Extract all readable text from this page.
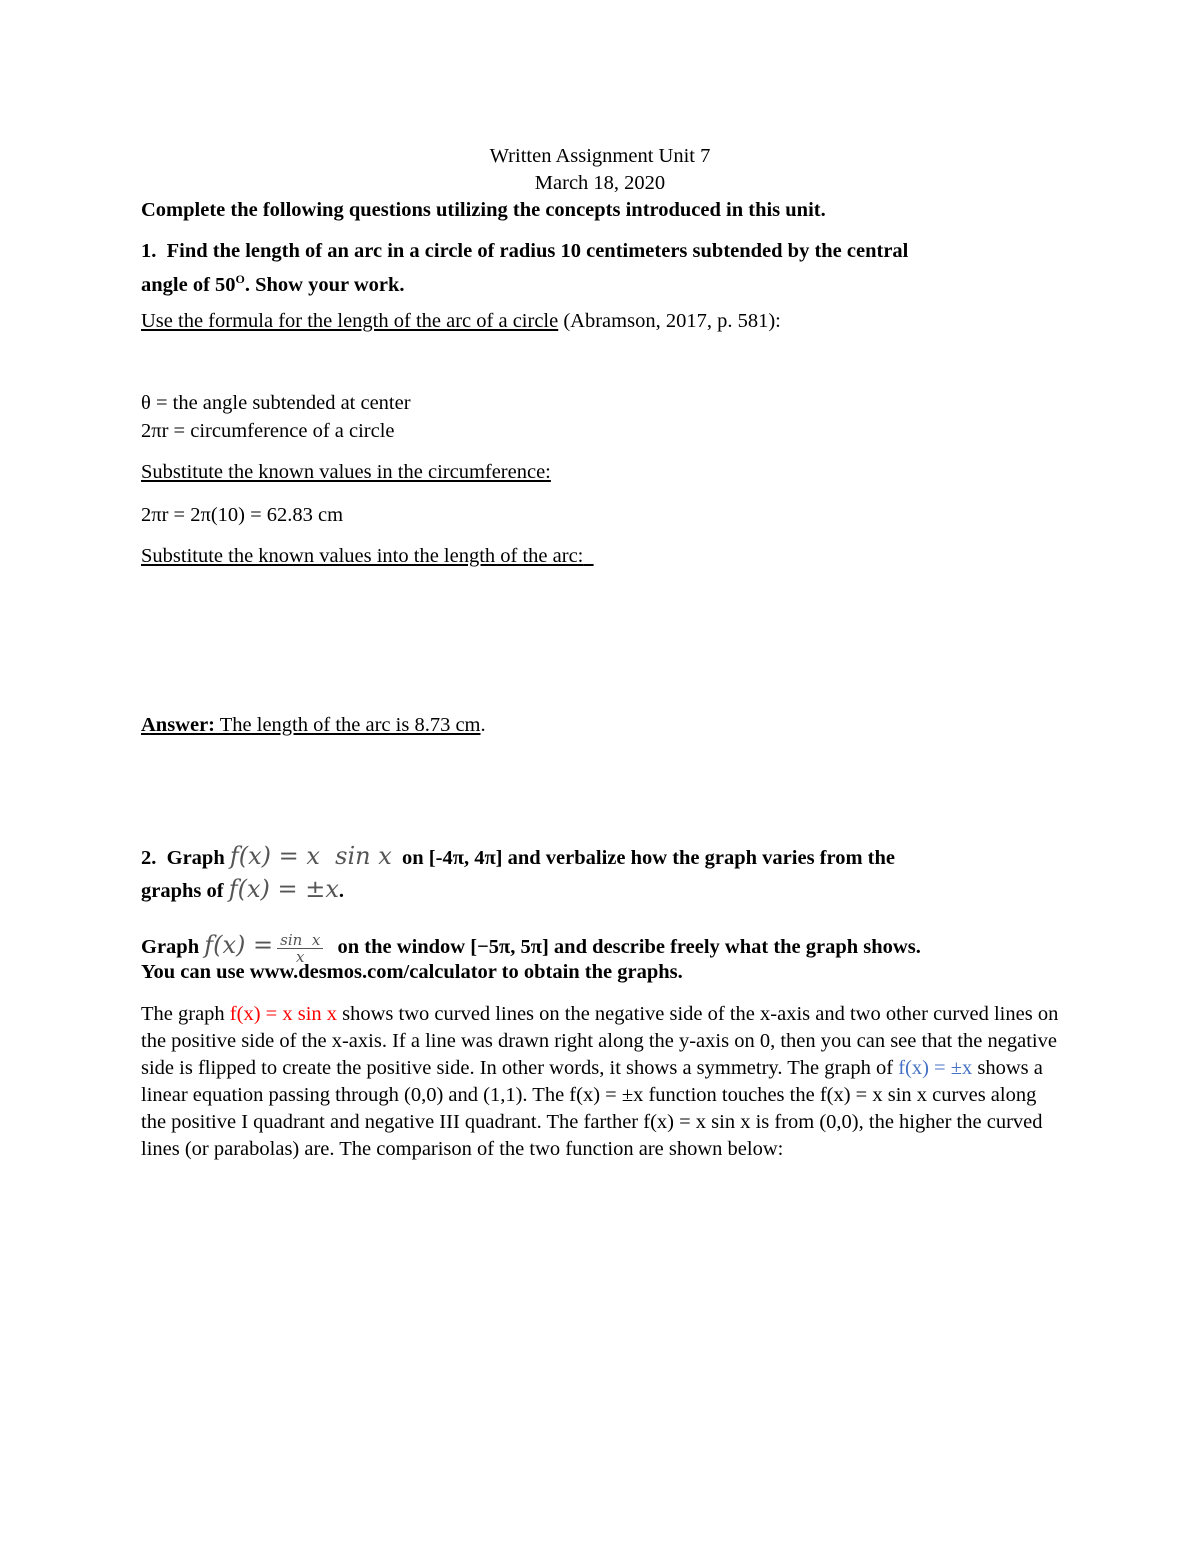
Written Assignment Unit 7
March 18, 2020
Complete the following questions utilizing the concepts introduced in this unit.
1. Find the length of an arc in a circle of radius 10 centimeters subtended by the central
angle of $50^O$. Show your work.
Use the formula for the length of the arc of a circle (Abramson, 2017, p. 581):
θ = the angle subtended at center
2πr = circumference of a circle
Substitute the known values in the circumference:
2πr = 2π(10) = 62.83 cm
Substitute the known values into the length of the arc:
Answer: The length of the arc is 8.73 cm.
2. Graph f(x) = x  sin x on [-4π, 4π] and verbalize how the graph varies from the
graphs of f(x) = ±x.
Graph $f(x) = \frac{\text{sin  x}}{x}$ on the window [−5π, 5π] and describe freely what the graph shows.
You can use www.desmos.com/calculator to obtain the graphs.
The graph f(x) = x sin x shows two curved lines on the negative side of the x-axis and two other curved lines on the positive side of the x-axis. If a line was drawn right along the y-axis on 0, then you can see that the negative side is flipped to create the positive side. In other words, it shows a symmetry. The graph of f(x) = ±x shows a linear equation passing through (0,0) and (1,1). The f(x) = ±x function touches the f(x) = x sin x curves along the positive I quadrant and negative III quadrant. The farther f(x) = x sin x is from (0,0), the higher the curved lines (or parabolas) are. The comparison of the two function are shown below:
